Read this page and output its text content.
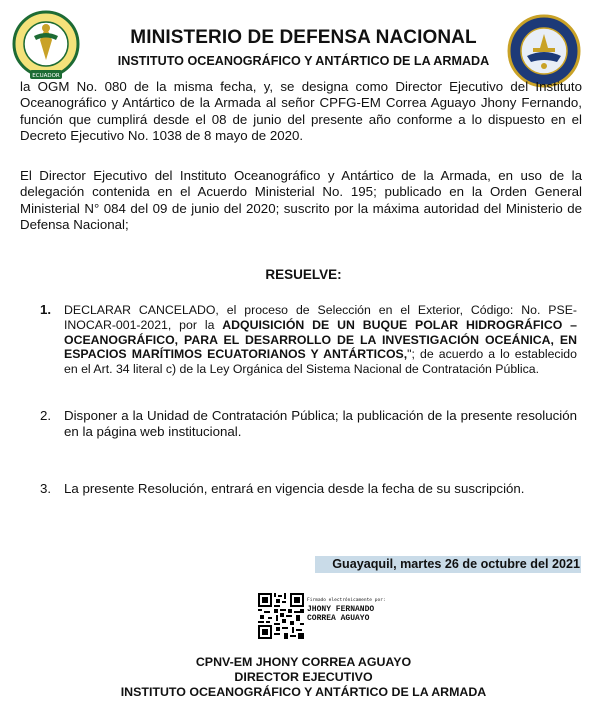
ECUADOR
MINISTERIO DE DEFENSA NACIONAL
INSTITUTO OCEANOGRÁFICO Y ANTÁRTICO DE LA ARMADA
la OGM No. 080 de la misma fecha, y, se designa como Director Ejecutivo del Instituto Oceanográfico y Antártico de la Armada al señor CPFG-EM Correa Aguayo Jhony Fernando, función que cumplirá desde el 08 de junio del presente año conforme a lo dispuesto en el Decreto Ejecutivo No. 1038 de 8 mayo de 2020.
El Director Ejecutivo del Instituto Oceanográfico y Antártico de la Armada, en uso de la delegación contenida en el Acuerdo Ministerial No. 195; publicado en la Orden General Ministerial N° 084 del 09 de junio del 2020; suscrito por la máxima autoridad del Ministerio de Defensa Nacional;
RESUELVE:
1. DECLARAR CANCELADO, el proceso de Selección en el Exterior, Código: No. PSE-INOCAR-001-2021, por la ADQUISICIÓN DE UN BUQUE POLAR HIDROGRÁFICO – OCEANOGRÁFICO, PARA EL DESARROLLO DE LA INVESTIGACIÓN OCEÁNICA, EN ESPACIOS MARÍTIMOS ECUATORIANOS Y ANTÁRTICOS,"; de acuerdo a lo establecido en el Art. 34 literal c) de la Ley Orgánica del Sistema Nacional de Contratación Pública.
2. Disponer a la Unidad de Contratación Pública; la publicación de la presente resolución en la página web institucional.
3. La presente Resolución, entrará en vigencia desde la fecha de su suscripción.
Guayaquil, martes 26 de octubre del 2021
Firmado electrónicamente por:
JHONY FERNANDO
CORREA AGUAYO
CPNV-EM JHONY CORREA AGUAYO
DIRECTOR EJECUTIVO
INSTITUTO OCEANOGRÁFICO Y ANTÁRTICO DE LA ARMADA
